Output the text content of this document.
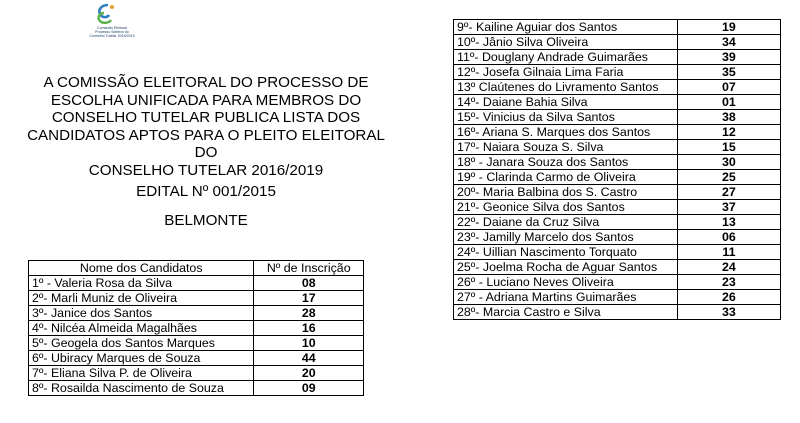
Comissão Eleitoral
Processo Seletivo do
Conselho Tutelar 2016/2019

A COMISSÃO ELEITORAL DO PROCESSO DE

ESCOLHA UNIFICADA PARA MEMBROS DO

CONSELHO TUTELAR PUBLICA LISTA DOS

CANDIDATOS APTOS PARA O PLEITO ELEITORAL DO

CONSELHO TUTELAR 2016/2019

EDITAL Nº 001/2015
BELMONTE
Nome dos Candidatos	Nº de Inscrição
1º - Valeria Rosa da Silva	08
2º- Marli Muniz de Oliveira	17
3º- Janice dos Santos	28
4º- Nilcéa Almeida Magalhães	16
5º- Geogela dos Santos Marques	10
6º- Ubiracy Marques de Souza	44
7º- Eliana Silva P. de Oliveira	20
8º- Rosailda Nascimento de Souza	09
9º- Kailine Aguiar dos Santos	19
10º- Jânio Silva Oliveira	34
11º- Douglany Andrade Guimarães	39
12º- Josefa Gilnaia Lima Faria	35
13º Claútenes do Livramento Santos	07
14º- Daiane Bahia Silva	01
15º- Vinicius da Silva Santos	38
16º- Ariana S. Marques dos Santos	12
17º- Naiara Souza S. Silva	15
18º - Janara Souza dos Santos	30
19º - Clarinda Carmo de Oliveira	25
20º- Maria Balbina dos S. Castro	27
21º- Geonice Silva dos Santos	37
22º- Daiane da Cruz Silva	13
23º- Jamilly Marcelo dos Santos	06
24º- Uillian Nascimento Torquato	11
25º- Joelma Rocha de Aguar Santos	24
26º - Luciano Neves Oliveira	23
27º - Adriana Martins Guimarães	26
28º- Marcia Castro e Silva	33
